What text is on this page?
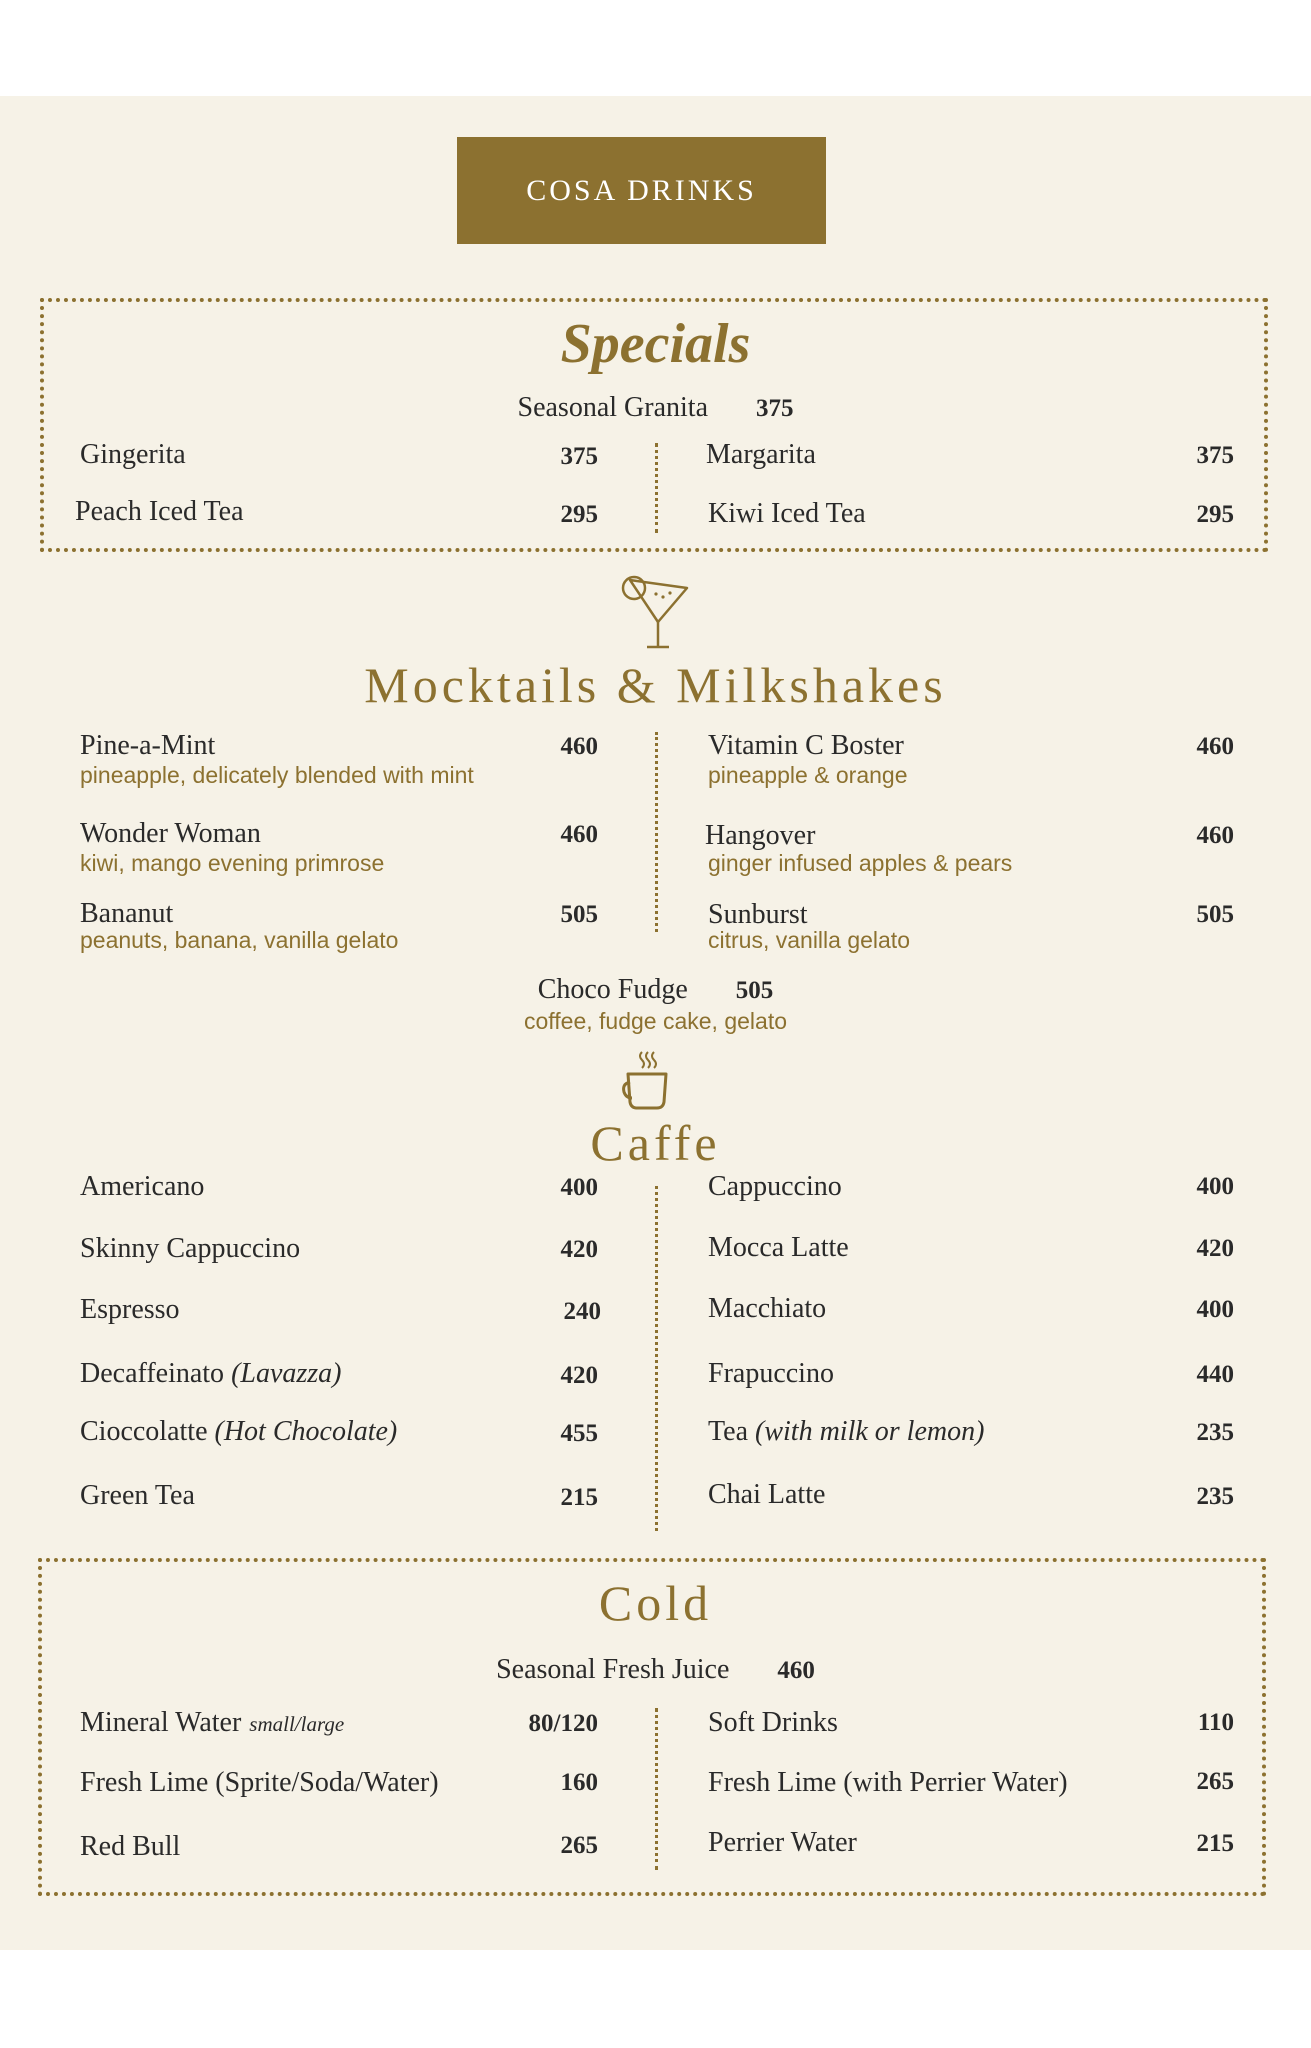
COSA DRINKS
Specials
Seasonal Granita 375
Gingerita	375
Peach Iced Tea	295
Margarita	375
Kiwi Iced Tea	295
Mocktails & Milkshakes
Pine-a-Mint	460
pineapple, delicately blended with mint
Wonder Woman	460
kiwi, mango evening primrose
Bananut	505
peanuts, banana, vanilla gelato
Vitamin C Boster	460
pineapple & orange
Hangover	460
ginger infused apples & pears
Sunburst	505
citrus, vanilla gelato
Choco Fudge 505
coffee, fudge cake, gelato
Caffe
Americano	400
Skinny Cappuccino	420
Espresso	240
Decaffeinato (Lavazza)	420
Cioccolatte (Hot Chocolate)	455
Green Tea	215
Cappuccino	400
Mocca Latte	420
Macchiato	400
Frapuccino	440
Tea (with milk or lemon)	235
Chai Latte	235
Cold
Seasonal Fresh Juice 460
Mineral Water small/large	80/120
Fresh Lime (Sprite/Soda/Water)	160
Red Bull	265
Soft Drinks	110
Fresh Lime (with Perrier Water)	265
Perrier Water	215
